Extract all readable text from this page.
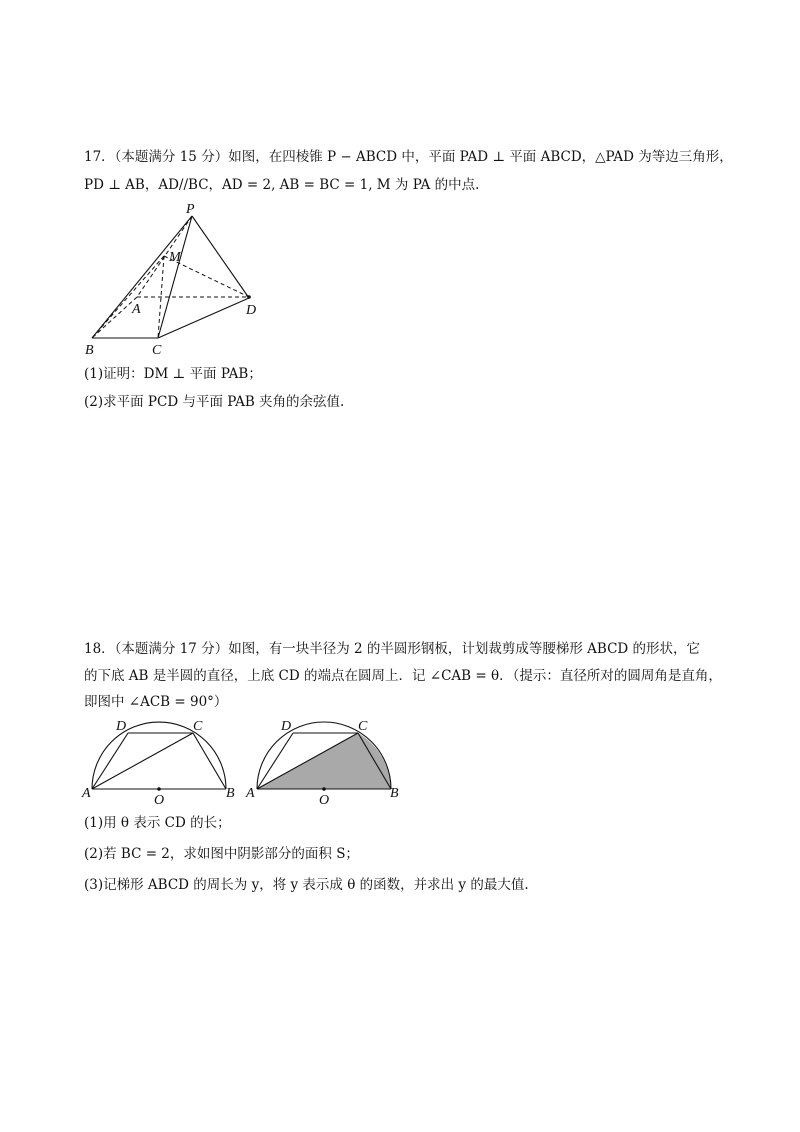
17．（本题满分 15 分）如图，在四棱锥 P − ABCD 中，平面 PAD ⊥ 平面 ABCD，△PAD 为等边三角形，
PD ⊥ AB，AD//BC，AD = 2, AB = BC = 1, M 为 PA 的中点.
P
M
A	D
B	C
(1)证明：DM ⊥ 平面 PAB；
(2)求平面 PCD 与平面 PAB 夹角的余弦值.
18．（本题满分 17 分）如图，有一块半径为 2 的半圆形钢板，计划裁剪成等腰梯形 ABCD 的形状，它
的下底 AB 是半圆的直径，上底 CD 的端点在圆周上．记 ∠CAB = θ．（提示：直径所对的圆周角是直角，
即图中 ∠ACB = 90°）
D	C
A	O	B
D	C
A	O	B
(1)用 θ 表示 CD 的长；
(2)若 BC = 2，求如图中阴影部分的面积 S；
(3)记梯形 ABCD 的周长为 y，将 y 表示成 θ 的函数，并求出 y 的最大值.
